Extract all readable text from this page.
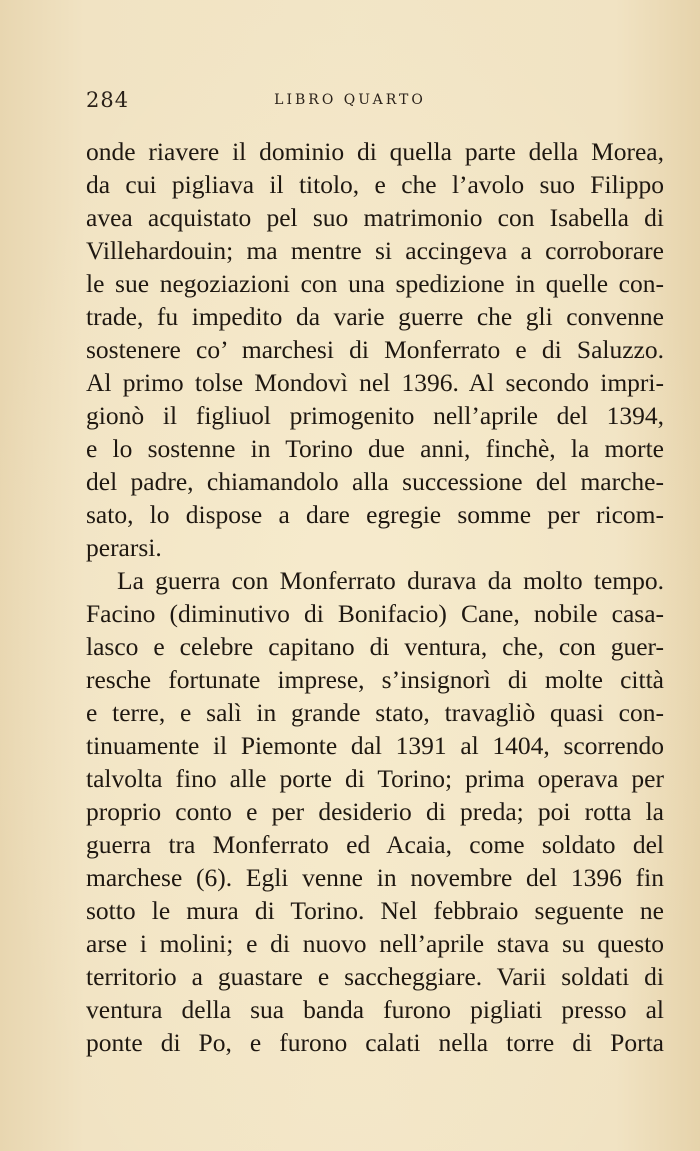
284	LIBRO QUARTO
onde riavere il dominio di quella parte della Morea,
da cui pigliava il titolo, e che l’avolo suo Filippo
avea acquistato pel suo matrimonio con Isabella di
Villehardouin; ma mentre si accingeva a corroborare
le sue negoziazioni con una spedizione in quelle con-
trade, fu impedito da varie guerre che gli convenne
sostenere co’ marchesi di Monferrato e di Saluzzo.
Al primo tolse Mondovì nel 1396. Al secondo impri-
gionò il figliuol primogenito nell’aprile del 1394,
e lo sostenne in Torino due anni, finchè, la morte
del padre, chiamandolo alla successione del marche-
sato, lo dispose a dare egregie somme per ricom-
perarsi.
La guerra con Monferrato durava da molto tempo.
Facino (diminutivo di Bonifacio) Cane, nobile casa-
lasco e celebre capitano di ventura, che, con guer-
resche fortunate imprese, s’insignorì di molte città
e terre, e salì in grande stato, travagliò quasi con-
tinuamente il Piemonte dal 1391 al 1404, scorrendo
talvolta fino alle porte di Torino; prima operava per
proprio conto e per desiderio di preda; poi rotta la
guerra tra Monferrato ed Acaia, come soldato del
marchese (6). Egli venne in novembre del 1396 fin
sotto le mura di Torino. Nel febbraio seguente ne
arse i molini; e di nuovo nell’aprile stava su questo
territorio a guastare e saccheggiare. Varii soldati di
ventura della sua banda furono pigliati presso al
ponte di Po, e furono calati nella torre di Porta
